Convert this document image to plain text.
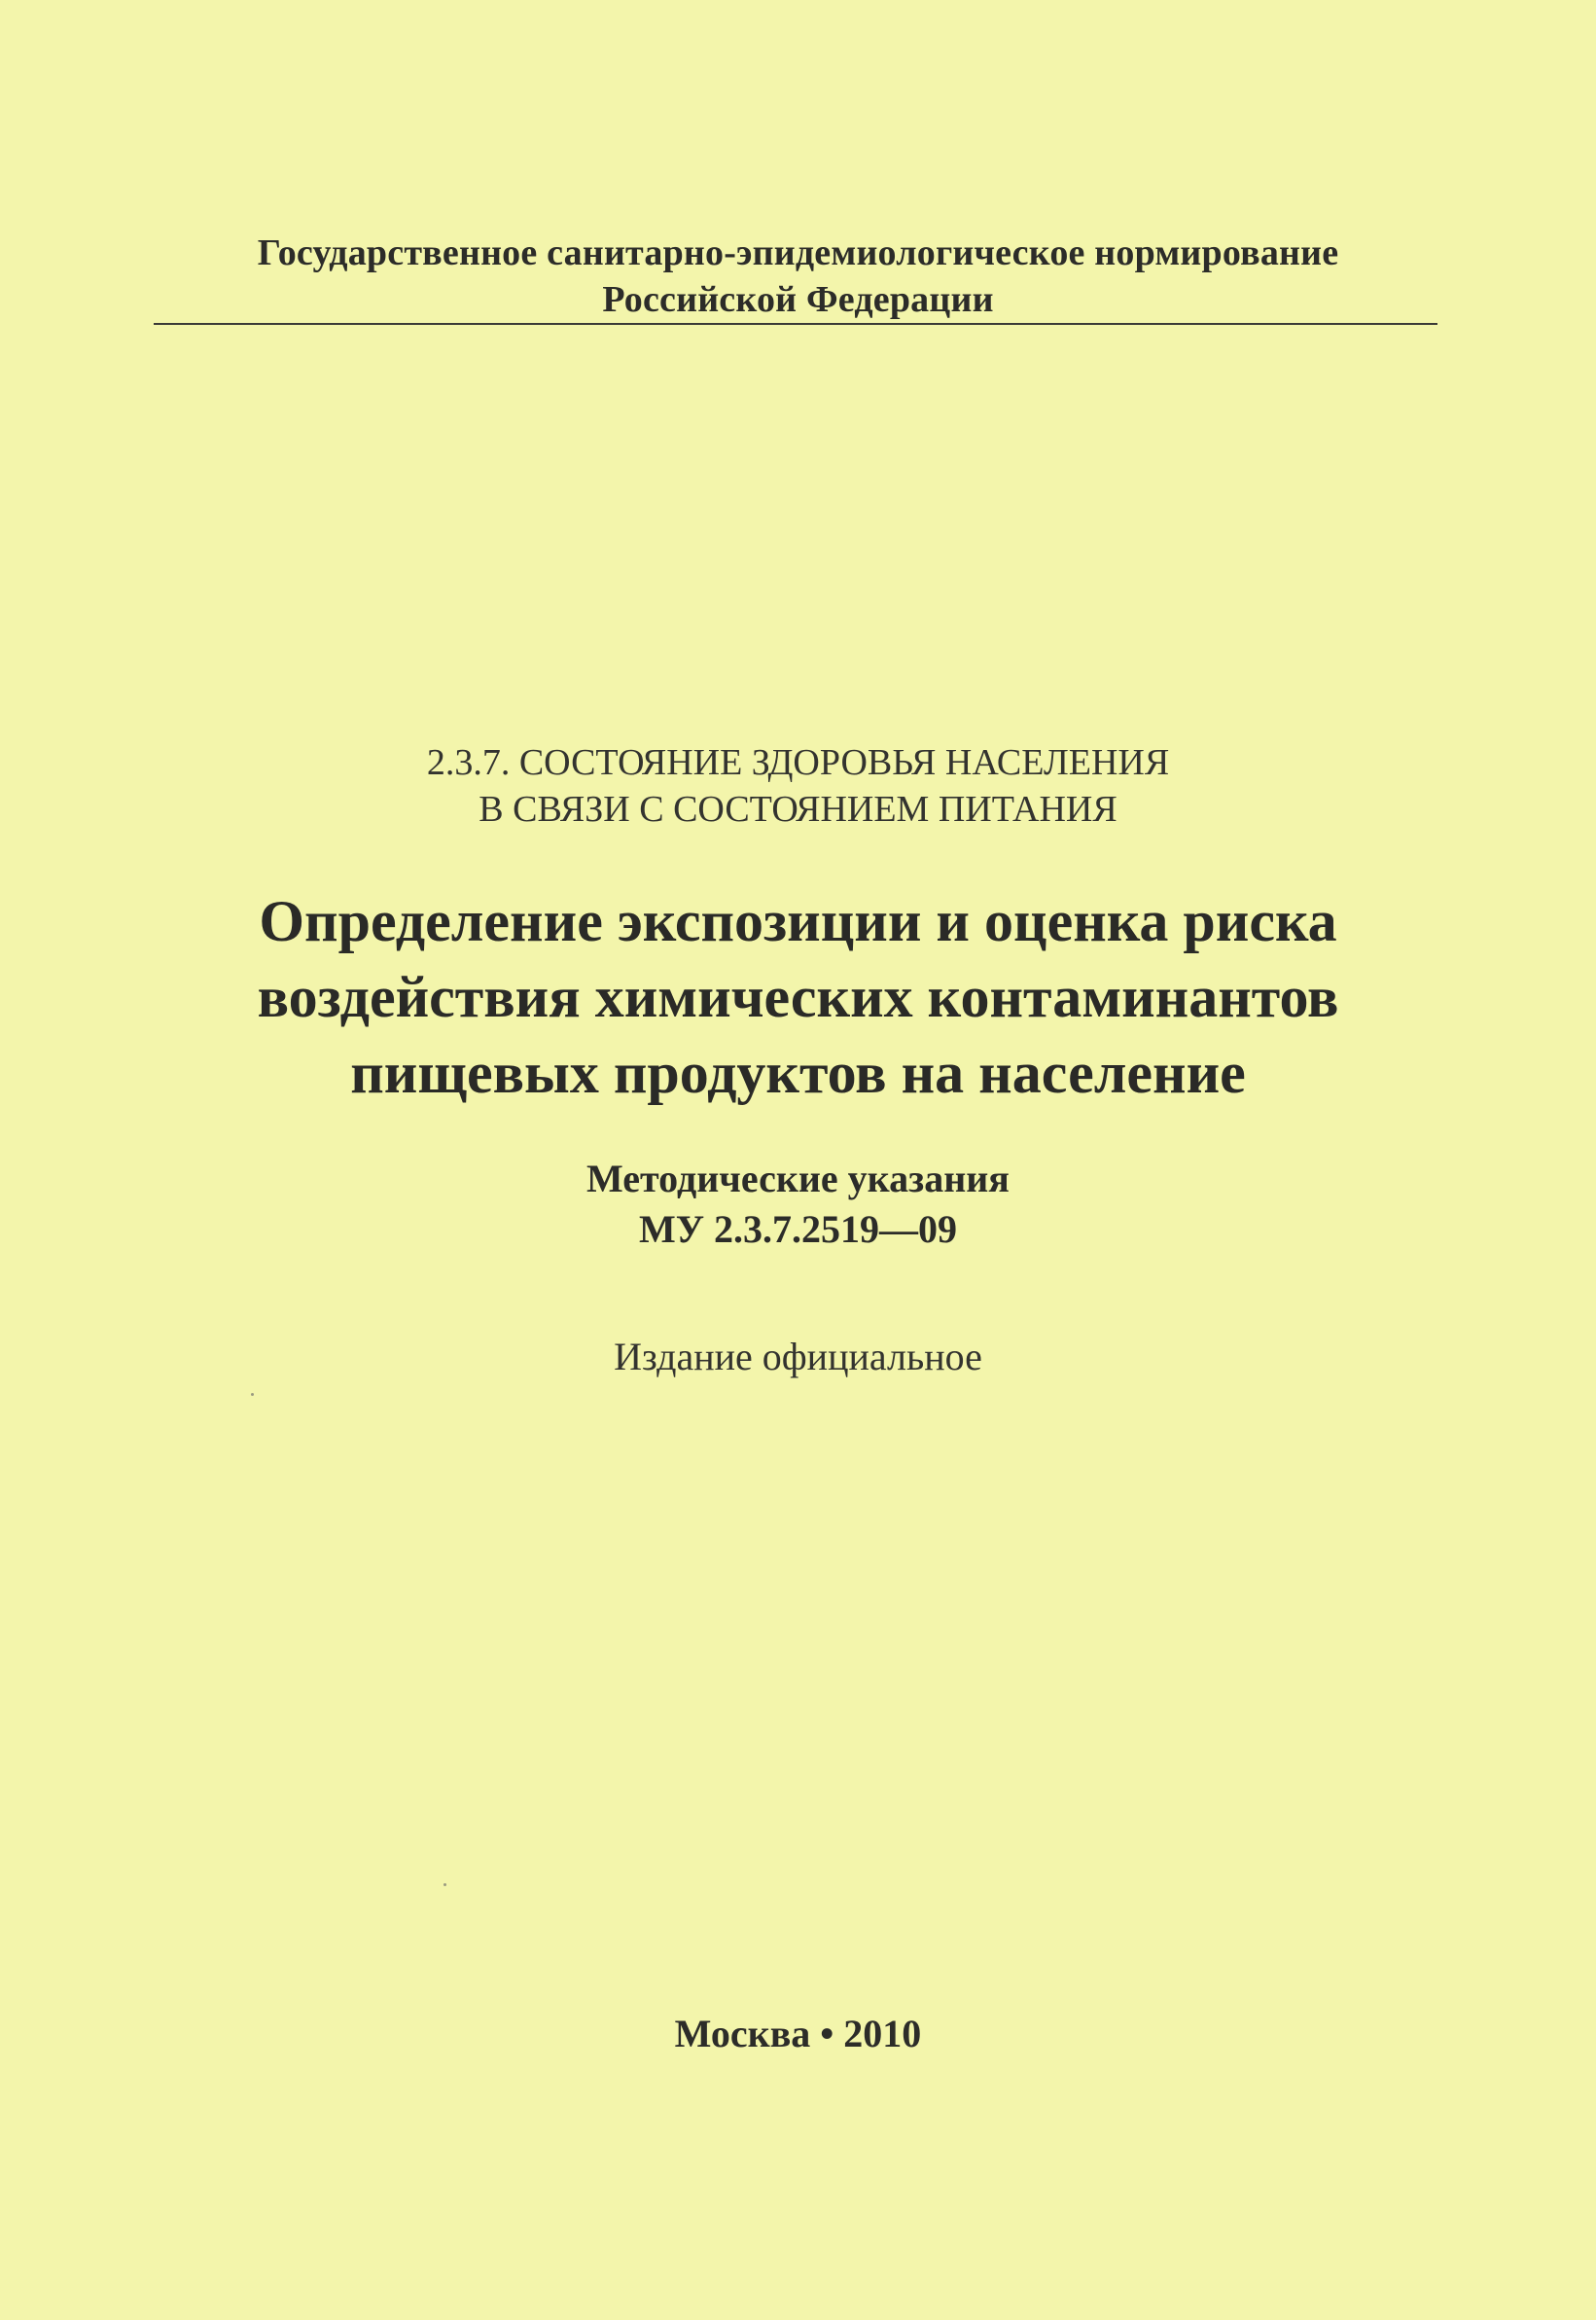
Государственное санитарно-эпидемиологическое нормирование
Российской Федерации
2.3.7. СОСТОЯНИЕ ЗДОРОВЬЯ НАСЕЛЕНИЯ
В СВЯЗИ С СОСТОЯНИЕМ ПИТАНИЯ
Определение экспозиции и оценка риска
воздействия химических контаминантов
пищевых продуктов на население
Методические указания
МУ 2.3.7.2519—09
Издание официальное
Москва • 2010
